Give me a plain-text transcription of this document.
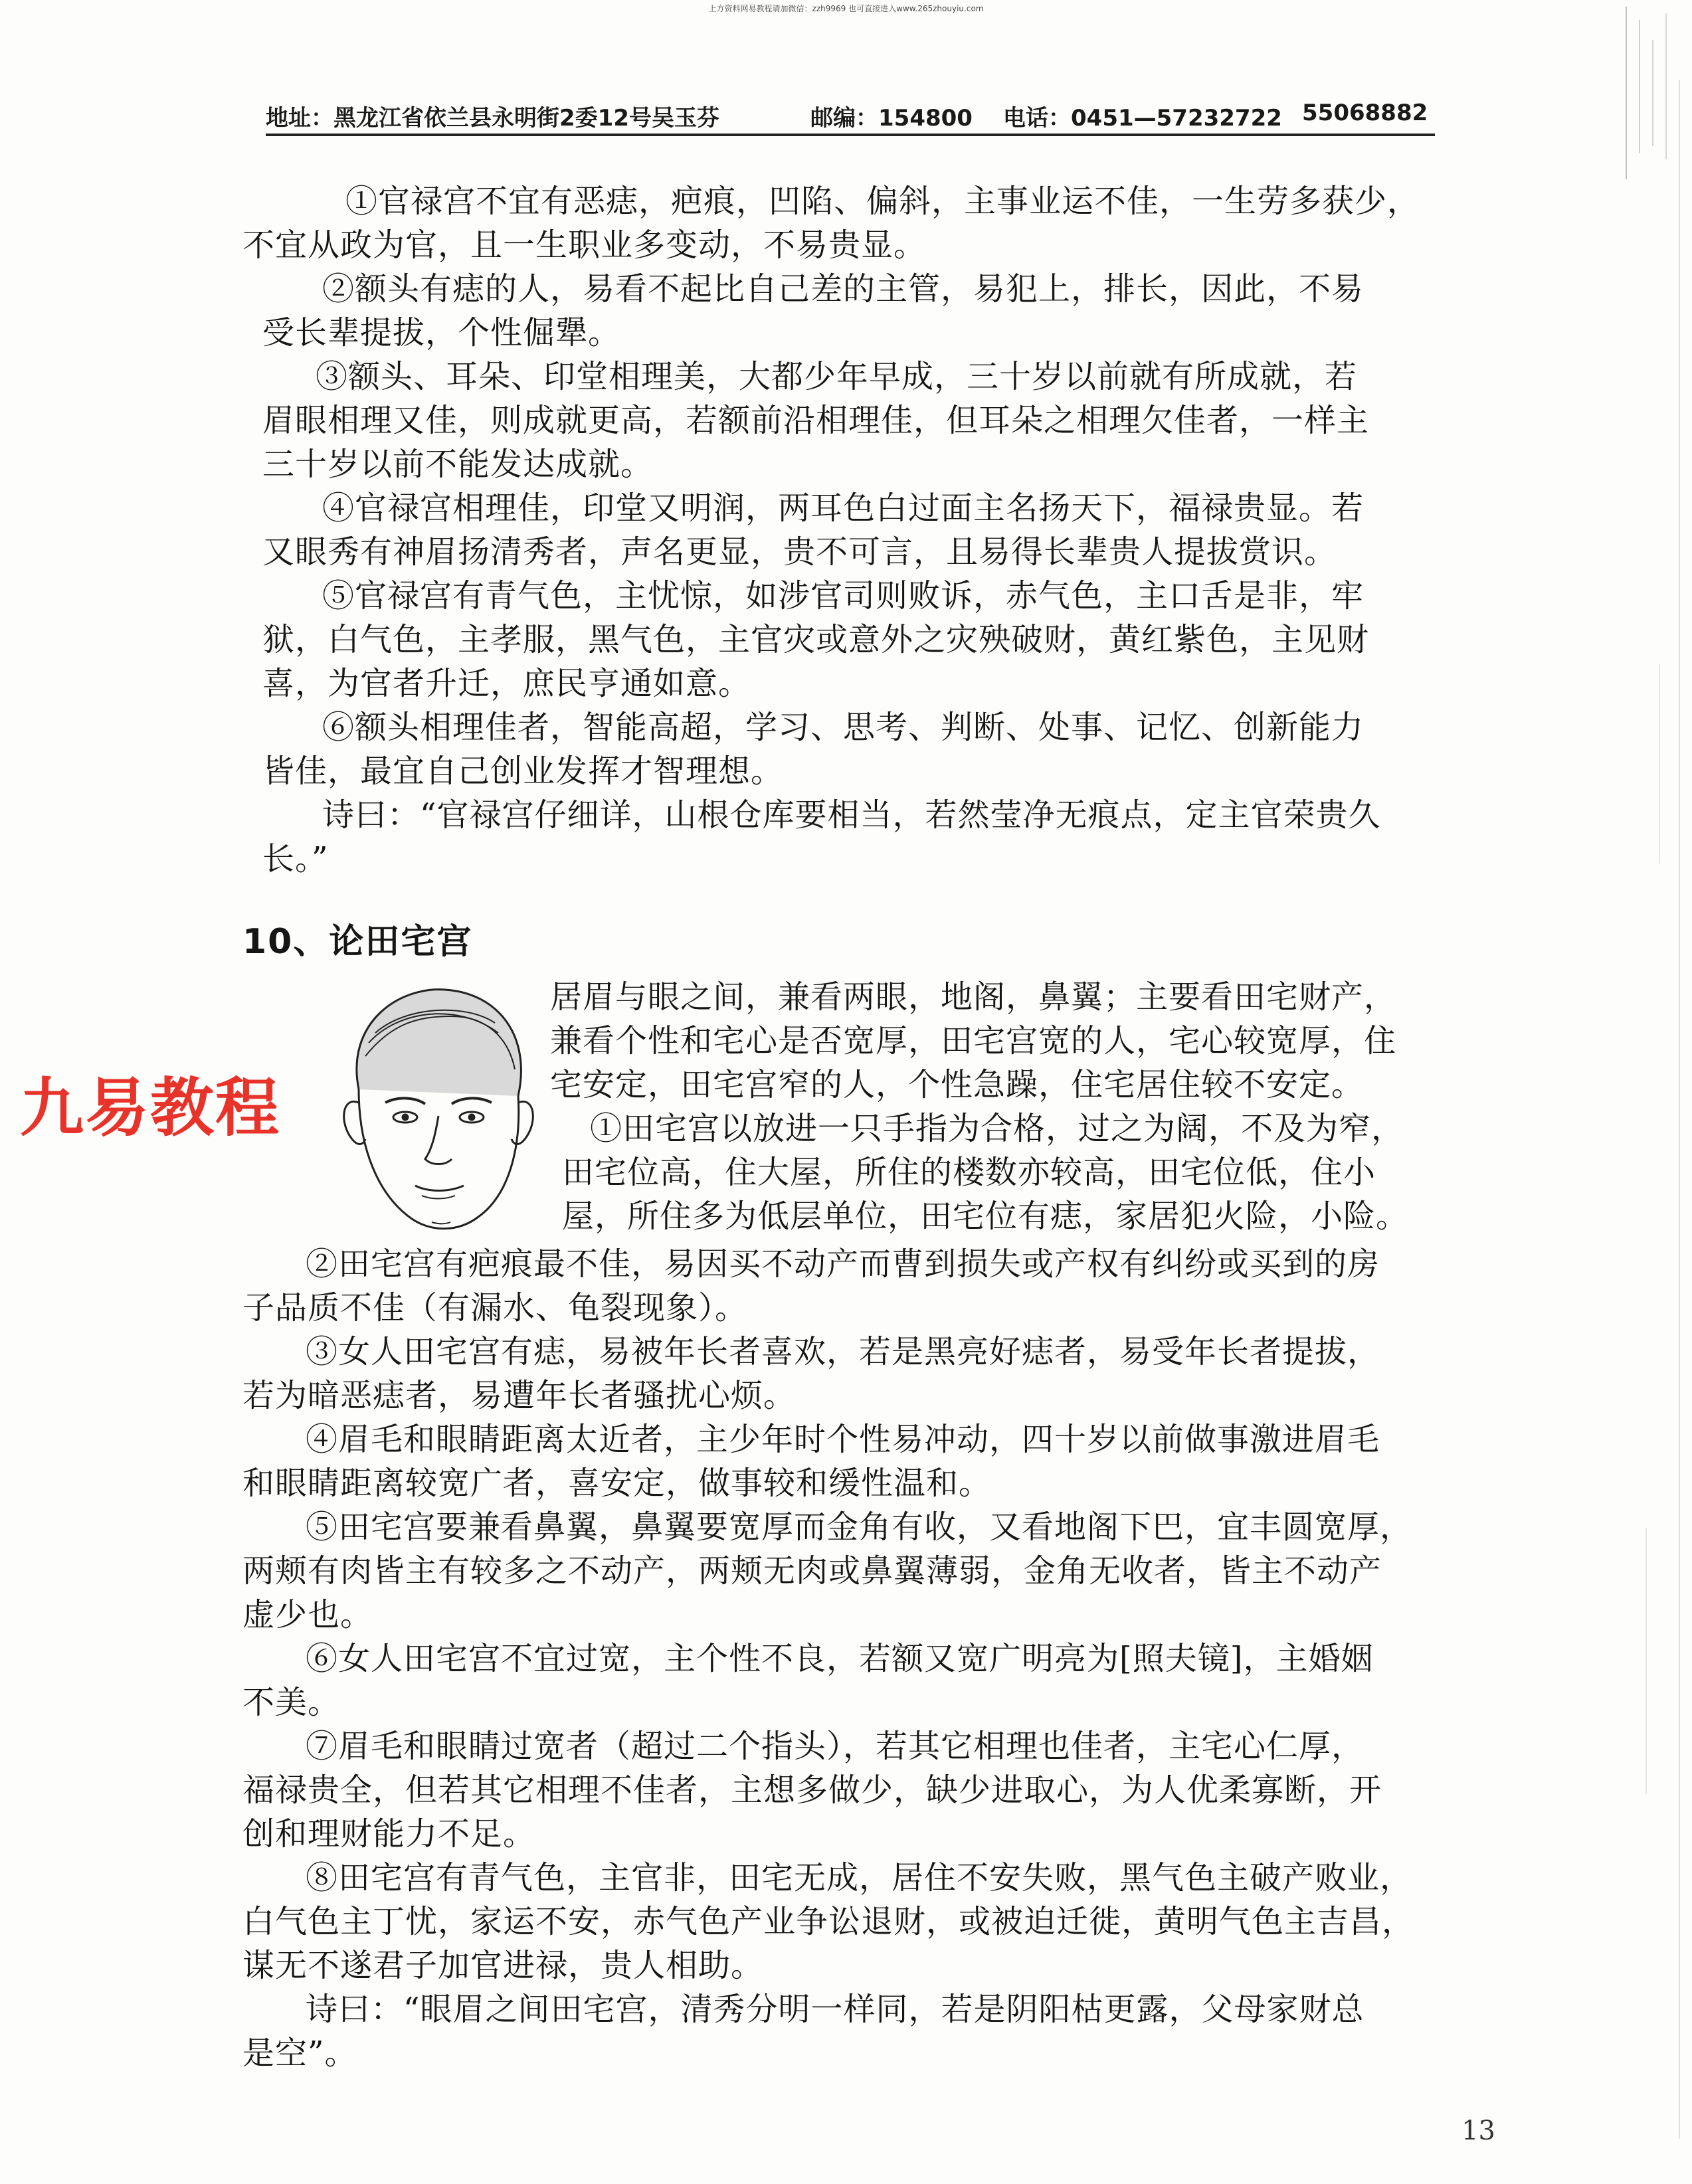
上方资料网易教程请加微信：zzh9969 也可直接进入www.265zhouyiu.com
地址：黑龙江省依兰县永明街2委12号吴玉芬	邮编：154800 电话：0451—57232722 55068882
①官禄宫不宜有恶痣，疤痕，凹陷、偏斜，主事业运不佳，一生劳多获少，
不宜从政为官，且一生职业多变动，不易贵显。
②额头有痣的人，易看不起比自己差的主管，易犯上，排长，因此，不易
受长辈提拔，个性倔犟。
③额头、耳朵、印堂相理美，大都少年早成，三十岁以前就有所成就，若
眉眼相理又佳，则成就更高，若额前沿相理佳，但耳朵之相理欠佳者，一样主
三十岁以前不能发达成就。
④官禄宫相理佳，印堂又明润，两耳色白过面主名扬天下，福禄贵显。若
又眼秀有神眉扬清秀者，声名更显，贵不可言，且易得长辈贵人提拔赏识。
⑤官禄宫有青气色，主忧惊，如涉官司则败诉，赤气色，主口舌是非，牢
狱，白气色，主孝服，黑气色，主官灾或意外之灾殃破财，黄红紫色，主见财
喜，为官者升迁，庶民亨通如意。
⑥额头相理佳者，智能高超，学习、思考、判断、处事、记忆、创新能力
皆佳，最宜自己创业发挥才智理想。
诗曰：“官禄宫仔细详，山根仓库要相当，若然莹净无痕点，定主官荣贵久
长。”
10、论田宅宫
九易教程
居眉与眼之间，兼看两眼，地阁，鼻翼；主要看田宅财产，
兼看个性和宅心是否宽厚，田宅宫宽的人，宅心较宽厚，住
宅安定，田宅宫窄的人，个性急躁，住宅居住较不安定。
①田宅宫以放进一只手指为合格，过之为阔，不及为窄，
田宅位高，住大屋，所住的楼数亦较高，田宅位低，住小
屋，所住多为低层单位，田宅位有痣，家居犯火险，小险。
②田宅宫有疤痕最不佳，易因买不动产而曹到损失或产权有纠纷或买到的房
子品质不佳（有漏水、龟裂现象）。
③女人田宅宫有痣，易被年长者喜欢，若是黑亮好痣者，易受年长者提拔，
若为暗恶痣者，易遭年长者骚扰心烦。
④眉毛和眼睛距离太近者，主少年时个性易冲动，四十岁以前做事激进眉毛
和眼睛距离较宽广者，喜安定，做事较和缓性温和。
⑤田宅宫要兼看鼻翼，鼻翼要宽厚而金角有收，又看地阁下巴，宜丰圆宽厚，
两颊有肉皆主有较多之不动产，两颊无肉或鼻翼薄弱，金角无收者，皆主不动产
虚少也。
⑥女人田宅宫不宜过宽，主个性不良，若额又宽广明亮为[照夫镜]，主婚姻
不美。
⑦眉毛和眼睛过宽者（超过二个指头），若其它相理也佳者，主宅心仁厚，
福禄贵全，但若其它相理不佳者，主想多做少，缺少进取心，为人优柔寡断，开
创和理财能力不足。
⑧田宅宫有青气色，主官非，田宅无成，居住不安失败，黑气色主破产败业，
白气色主丁忧，家运不安，赤气色产业争讼退财，或被迫迁徙，黄明气色主吉昌，
谋无不遂君子加官进禄，贵人相助。
诗曰：“眼眉之间田宅宫，清秀分明一样同，若是阴阳枯更露，父母家财总
是空”。
13
